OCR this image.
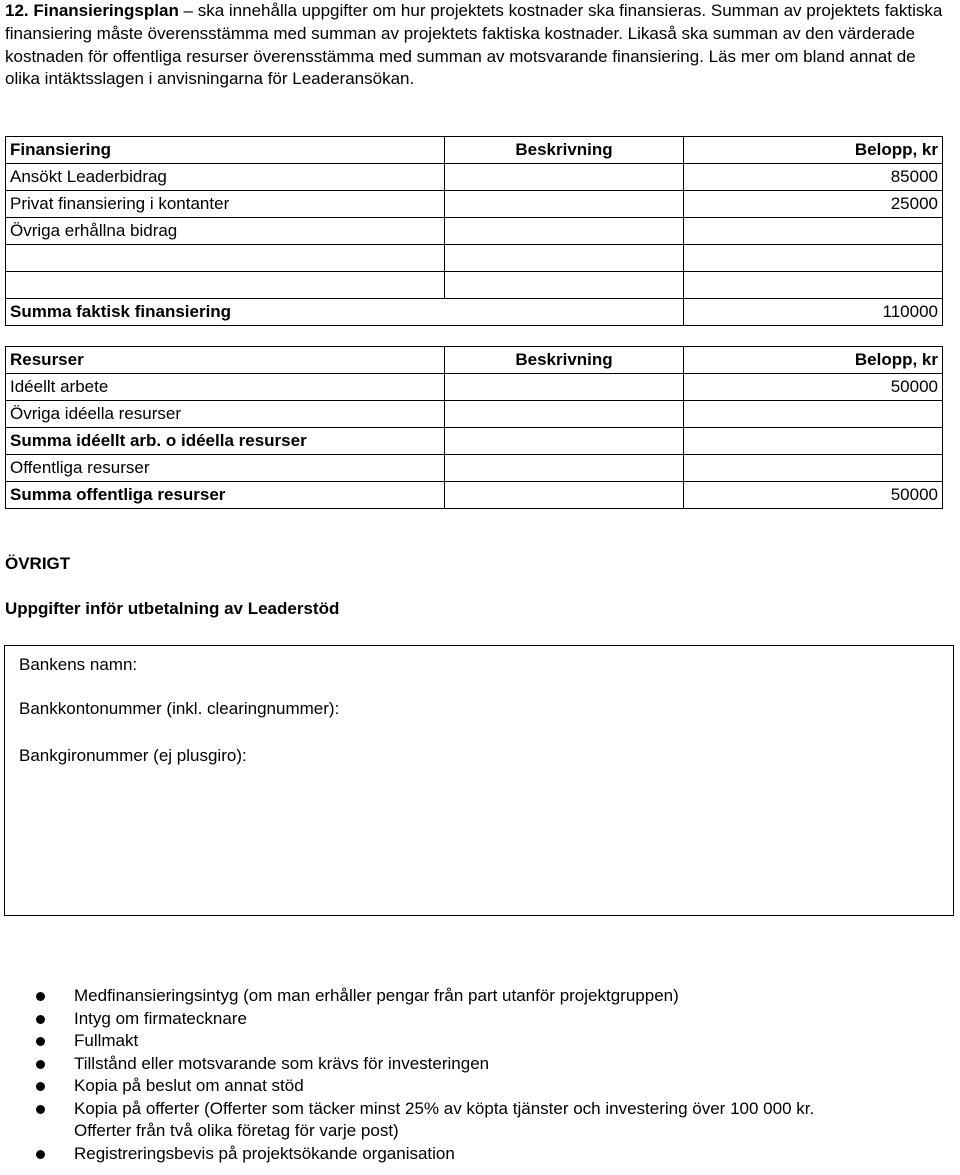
12. Finansieringsplan – ska innehålla uppgifter om hur projektets kostnader ska finansieras. Summan av projektets faktiska finansiering måste överensstämma med summan av projektets faktiska kostnader. Likaså ska summan av den värderade kostnaden för offentliga resurser överensstämma med summan av motsvarande finansiering. Läs mer om bland annat de olika intäktsslagen i anvisningarna för Leaderansökan.
Finansiering	Beskrivning	Belopp, kr
Ansökt Leaderbidrag		85000
Privat finansiering i kontanter		25000
Övriga erhållna bidrag		

Summa faktisk finansiering		110000
Resurser	Beskrivning	Belopp, kr
Idéellt arbete		50000
Övriga idéella resurser		
Summa idéellt arb. o idéella resurser		
Offentliga resurser		
Summa offentliga resurser		50000
ÖVRIGT
Uppgifter inför utbetalning av Leaderstöd
Bankens namn:
Bankkontonummer (inkl. clearingnummer):
Bankgironummer (ej plusgiro):
Medfinansieringsintyg (om man erhåller pengar från part utanför projektgruppen)
Intyg om firmatecknare
Fullmakt
Tillstånd eller motsvarande som krävs för investeringen
Kopia på beslut om annat stöd
Kopia på offerter (Offerter som täcker minst 25% av köpta tjänster och investering över 100 000 kr. Offerter från två olika företag för varje post)
Registreringsbevis på projektsökande organisation
